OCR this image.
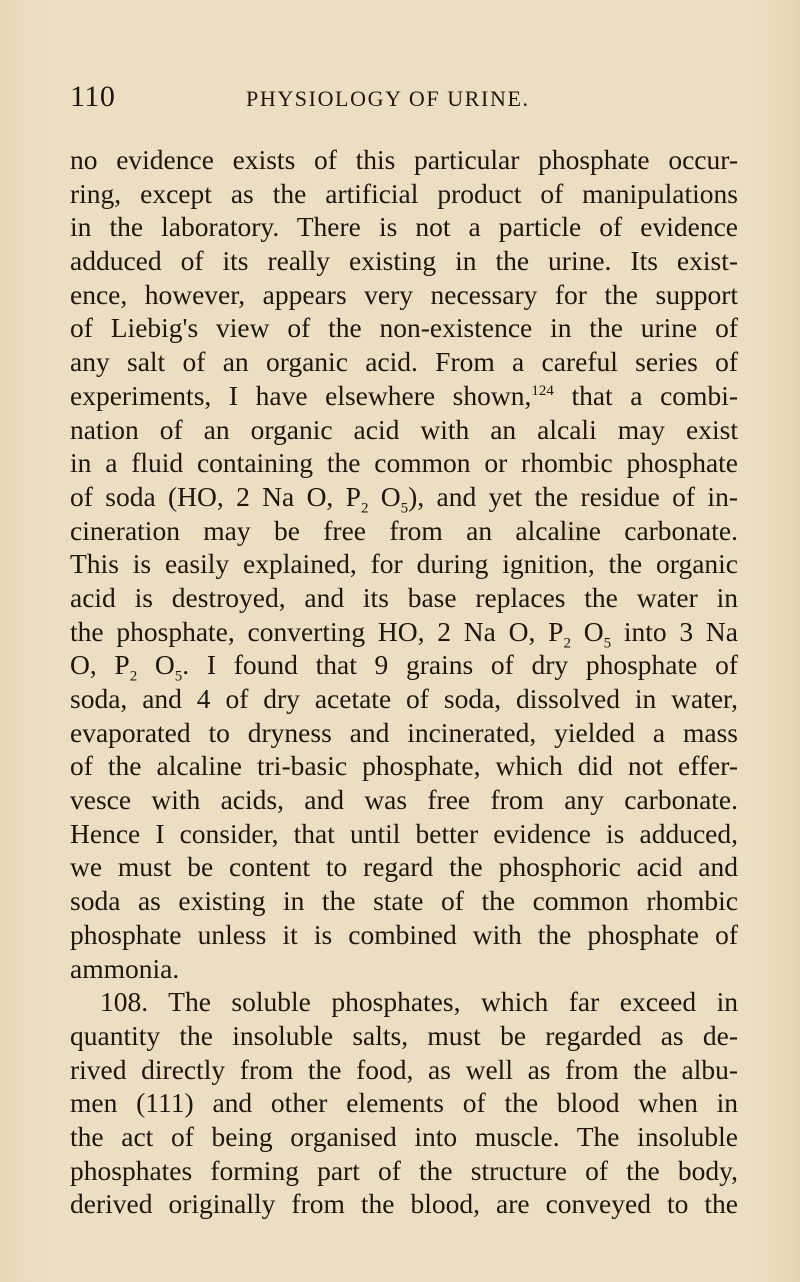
110	PHYSIOLOGY OF URINE.
no evidence exists of this particular phosphate occur-
ring, except as the artificial product of manipulations
in the laboratory. There is not a particle of evidence
adduced of its really existing in the urine. Its exist-
ence, however, appears very necessary for the support
of Liebig's view of the non-existence in the urine of
any salt of an organic acid. From a careful series of
experiments, I have elsewhere shown,$^{124}$ that a combi-
nation of an organic acid with an alcali may exist
in a fluid containing the common or rhombic phosphate
of soda (HO, 2 Na O, $P_2$ $O_5$), and yet the residue of in-
cineration may be free from an alcaline carbonate.
This is easily explained, for during ignition, the organic
acid is destroyed, and its base replaces the water in
the phosphate, converting HO, 2 Na O, $P_2$ $O_5$ into 3 Na
O, $P_2$ $O_5$. I found that 9 grains of dry phosphate of
soda, and 4 of dry acetate of soda, dissolved in water,
evaporated to dryness and incinerated, yielded a mass
of the alcaline tri-basic phosphate, which did not effer-
vesce with acids, and was free from any carbonate.
Hence I consider, that until better evidence is adduced,
we must be content to regard the phosphoric acid and
soda as existing in the state of the common rhombic
phosphate unless it is combined with the phosphate of
ammonia.
108. The soluble phosphates, which far exceed in
quantity the insoluble salts, must be regarded as de-
rived directly from the food, as well as from the albu-
men (111) and other elements of the blood when in
the act of being organised into muscle. The insoluble
phosphates forming part of the structure of the body,
derived originally from the blood, are conveyed to the
